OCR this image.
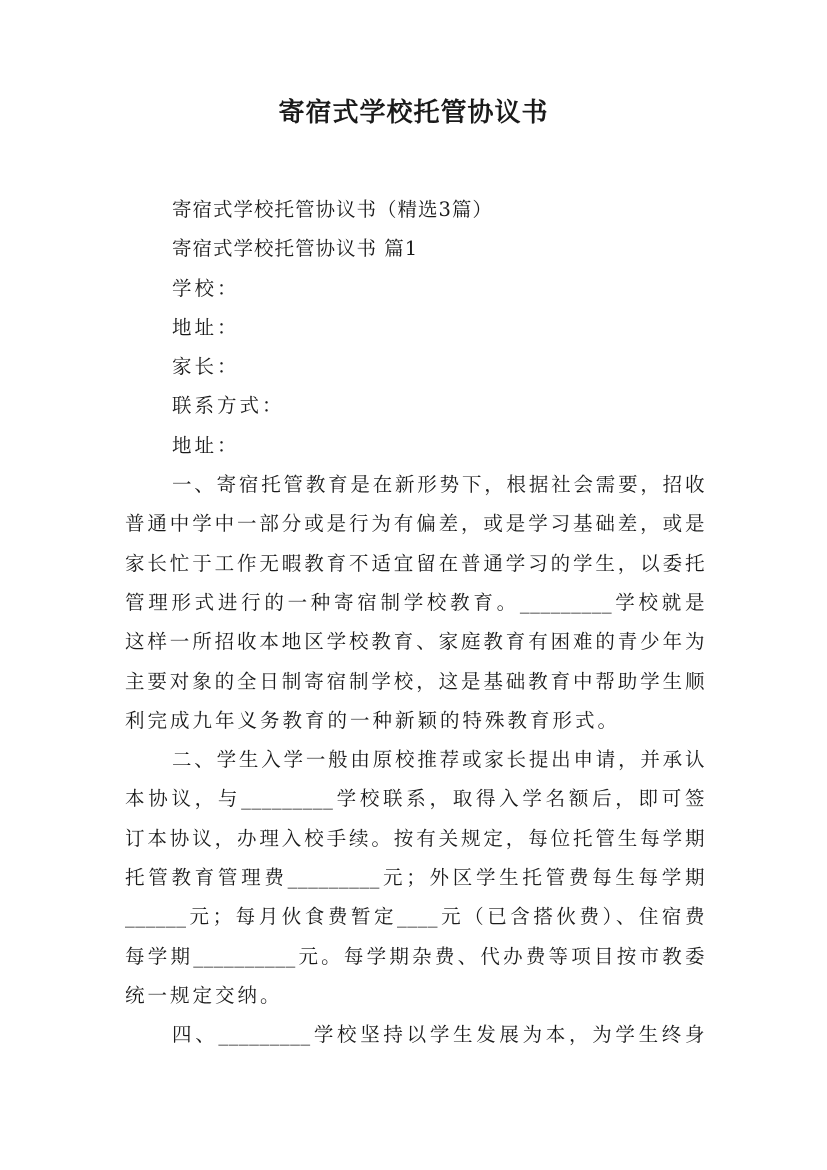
寄宿式学校托管协议书
寄宿式学校托管协议书（精选3篇）
寄宿式学校托管协议书 篇1
学校：
地址：
家长：
联系方式：
地址：
一、寄宿托管教育是在新形势下，根据社会需要，招收
普通中学中一部分或是行为有偏差，或是学习基础差，或是
家长忙于工作无暇教育不适宜留在普通学习的学生，以委托
管理形式进行的一种寄宿制学校教育。_________学校就是
这样一所招收本地区学校教育、家庭教育有困难的青少年为
主要对象的全日制寄宿制学校，这是基础教育中帮助学生顺
利完成九年义务教育的一种新颖的特殊教育形式。
二、学生入学一般由原校推荐或家长提出申请，并承认
本协议，与_________学校联系，取得入学名额后，即可签
订本协议，办理入校手续。按有关规定，每位托管生每学期
托管教育管理费_________元；外区学生托管费每生每学期
______元；每月伙食费暂定____元（已含搭伙费）、住宿费
每学期__________元。每学期杂费、代办费等项目按市教委
统一规定交纳。
四、_________学校坚持以学生发展为本，为学生终身
